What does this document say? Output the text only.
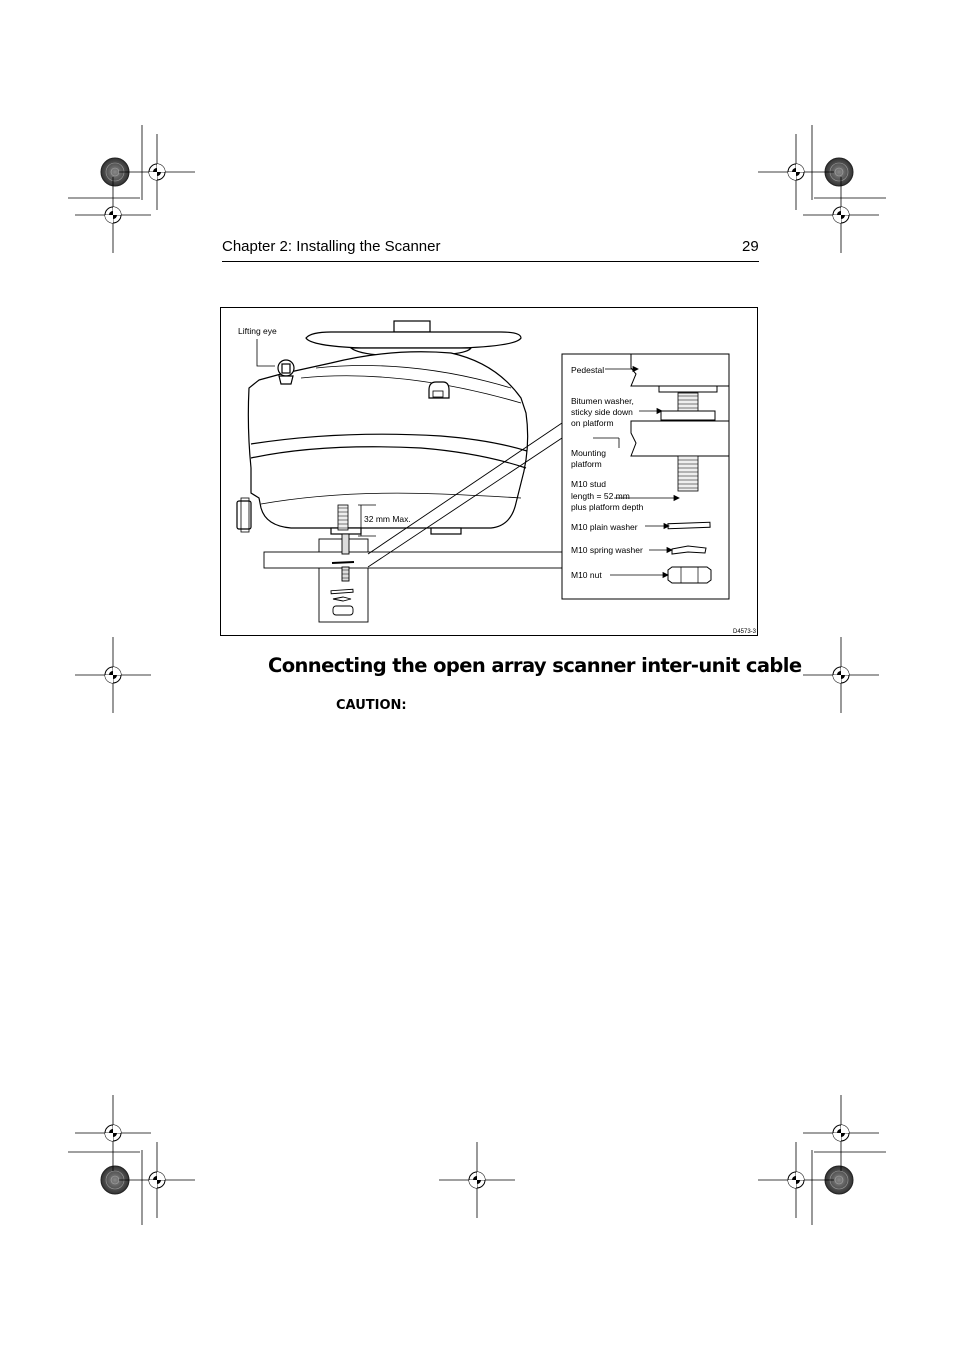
Chapter 2: Installing the Scanner	29
32 mm Max.
Pedestal
Bitumen washer,
sticky side down
on platform
Mounting
platform
M10 stud
length = 52 mm
plus platform depth
M10 plain washer
M10 spring washer
M10 nut
Lifting eye
D4573-3
Connecting the open array scanner inter-unit cable
CAUTION:
